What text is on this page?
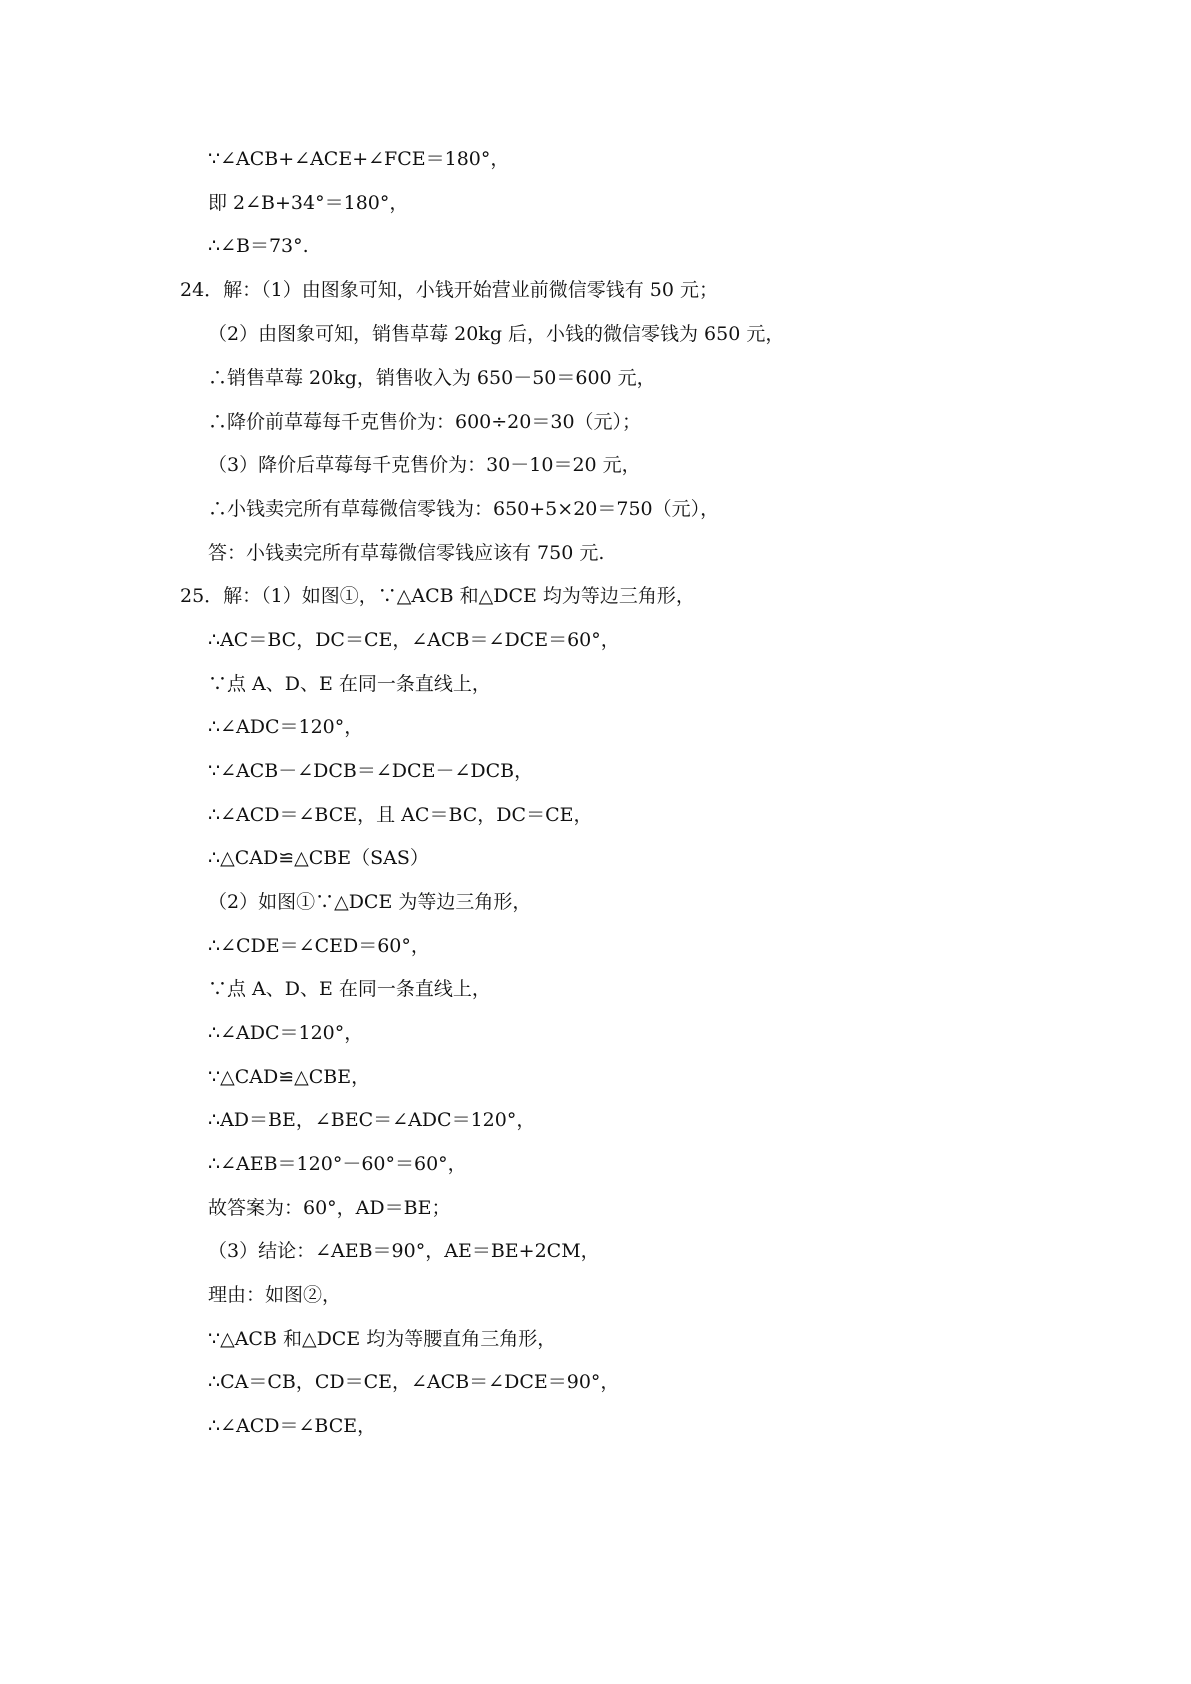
∵∠ACB+∠ACE+∠FCE＝180°，
即 2∠B+34°＝180°，
∴∠B＝73°.
24．解：（1）由图象可知，小钱开始营业前微信零钱有 50 元；
（2）由图象可知，销售草莓 20kg 后，小钱的微信零钱为 650 元，
∴销售草莓 20kg，销售收入为 650－50＝600 元，
∴降价前草莓每千克售价为：600÷20＝30（元）；
（3）降价后草莓每千克售价为：30－10＝20 元，
∴小钱卖完所有草莓微信零钱为：650+5×20＝750（元），
答：小钱卖完所有草莓微信零钱应该有 750 元.
25．解：（1）如图①，∵△ACB 和△DCE 均为等边三角形，
∴AC＝BC，DC＝CE，∠ACB＝∠DCE＝60°，
∵点 A、D、E 在同一条直线上，
∴∠ADC＝120°，
∵∠ACB－∠DCB＝∠DCE－∠DCB，
∴∠ACD＝∠BCE，且 AC＝BC，DC＝CE，
∴△CAD≌△CBE（SAS）
（2）如图①∵△DCE 为等边三角形，
∴∠CDE＝∠CED＝60°，
∵点 A、D、E 在同一条直线上，
∴∠ADC＝120°，
∵△CAD≌△CBE，
∴AD＝BE，∠BEC＝∠ADC＝120°，
∴∠AEB＝120°－60°＝60°，
故答案为：60°，AD＝BE；
（3）结论：∠AEB＝90°，AE＝BE+2CM，
理由：如图②，
∵△ACB 和△DCE 均为等腰直角三角形，
∴CA＝CB，CD＝CE，∠ACB＝∠DCE＝90°，
∴∠ACD＝∠BCE，
